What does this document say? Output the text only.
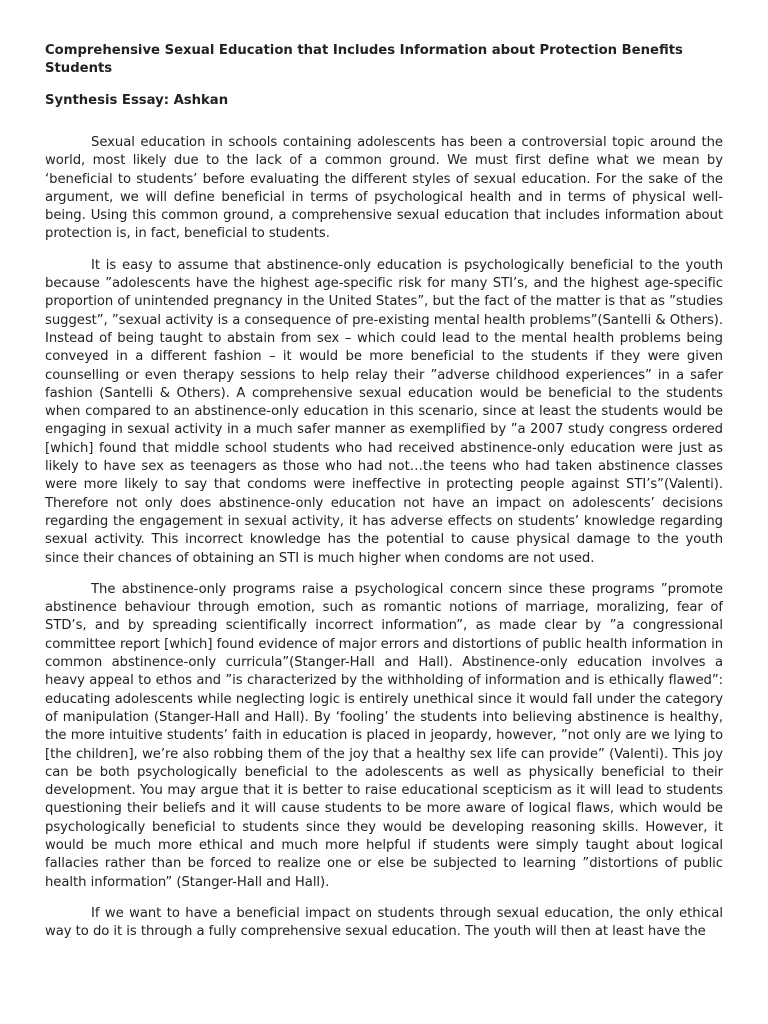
Comprehensive Sexual Education that Includes Information about Protection Benefits Students
Synthesis Essay: Ashkan

Sexual education in schools containing adolescents has been a controversial topic around the world, most likely due to the lack of a common ground. We must first define what we mean by ‘beneficial to students’ before evaluating the different styles of sexual education. For the sake of the argument, we will define beneficial in terms of psychological health and in terms of physical well-being. Using this common ground, a comprehensive sexual education that includes information about protection is, in fact, beneficial to students.

It is easy to assume that abstinence-only education is psychologically beneficial to the youth because ”adolescents have the highest age-specific risk for many STI’s, and the highest age-specific proportion of unintended pregnancy in the United States”, but the fact of the matter is that as ”studies suggest”, ”sexual activity is a consequence of pre-existing mental health problems”(Santelli & Others). Instead of being taught to abstain from sex – which could lead to the mental health problems being conveyed in a different fashion – it would be more beneficial to the students if they were given counselling or even therapy sessions to help relay their ”adverse childhood experiences” in a safer fashion (Santelli & Others). A comprehensive sexual education would be beneficial to the students when compared to an abstinence-only education in this scenario, since at least the students would be engaging in sexual activity in a much safer manner as exemplified by ”a 2007 study congress ordered [which] found that middle school students who had received abstinence-only education were just as likely to have sex as teenagers as those who had not…the teens who had taken abstinence classes were more likely to say that condoms were ineffective in protecting people against STI’s”(Valenti). Therefore not only does abstinence-only education not have an impact on adolescents’ decisions regarding the engagement in sexual activity, it has adverse effects on students’ knowledge regarding sexual activity. This incorrect knowledge has the potential to cause physical damage to the youth since their chances of obtaining an STI is much higher when condoms are not used.

The abstinence-only programs raise a psychological concern since these programs ”promote abstinence behaviour through emotion, such as romantic notions of marriage, moralizing, fear of STD’s, and by spreading scientifically incorrect information”, as made clear by ”a congressional committee report [which] found evidence of major errors and distortions of public health information in common abstinence-only curricula”(Stanger-Hall and Hall). Abstinence-only education involves a heavy appeal to ethos and ”is characterized by the withholding of information and is ethically flawed”: educating adolescents while neglecting logic is entirely unethical since it would fall under the category of manipulation (Stanger-Hall and Hall). By ‘fooling’ the students into believing abstinence is healthy, the more intuitive students’ faith in education is placed in jeopardy, however, ”not only are we lying to [the children], we’re also robbing them of the joy that a healthy sex life can provide” (Valenti). This joy can be both psychologically beneficial to the adolescents as well as physically beneficial to their development. You may argue that it is better to raise educational scepticism as it will lead to students questioning their beliefs and it will cause students to be more aware of logical flaws, which would be psychologically beneficial to students since they would be developing reasoning skills. However, it would be much more ethical and much more helpful if students were simply taught about logical fallacies rather than be forced to realize one or else be subjected to learning ”distortions of public health information” (Stanger-Hall and Hall).

If we want to have a beneficial impact on students through sexual education, the only ethical way to do it is through a fully comprehensive sexual education. The youth will then at least have the
